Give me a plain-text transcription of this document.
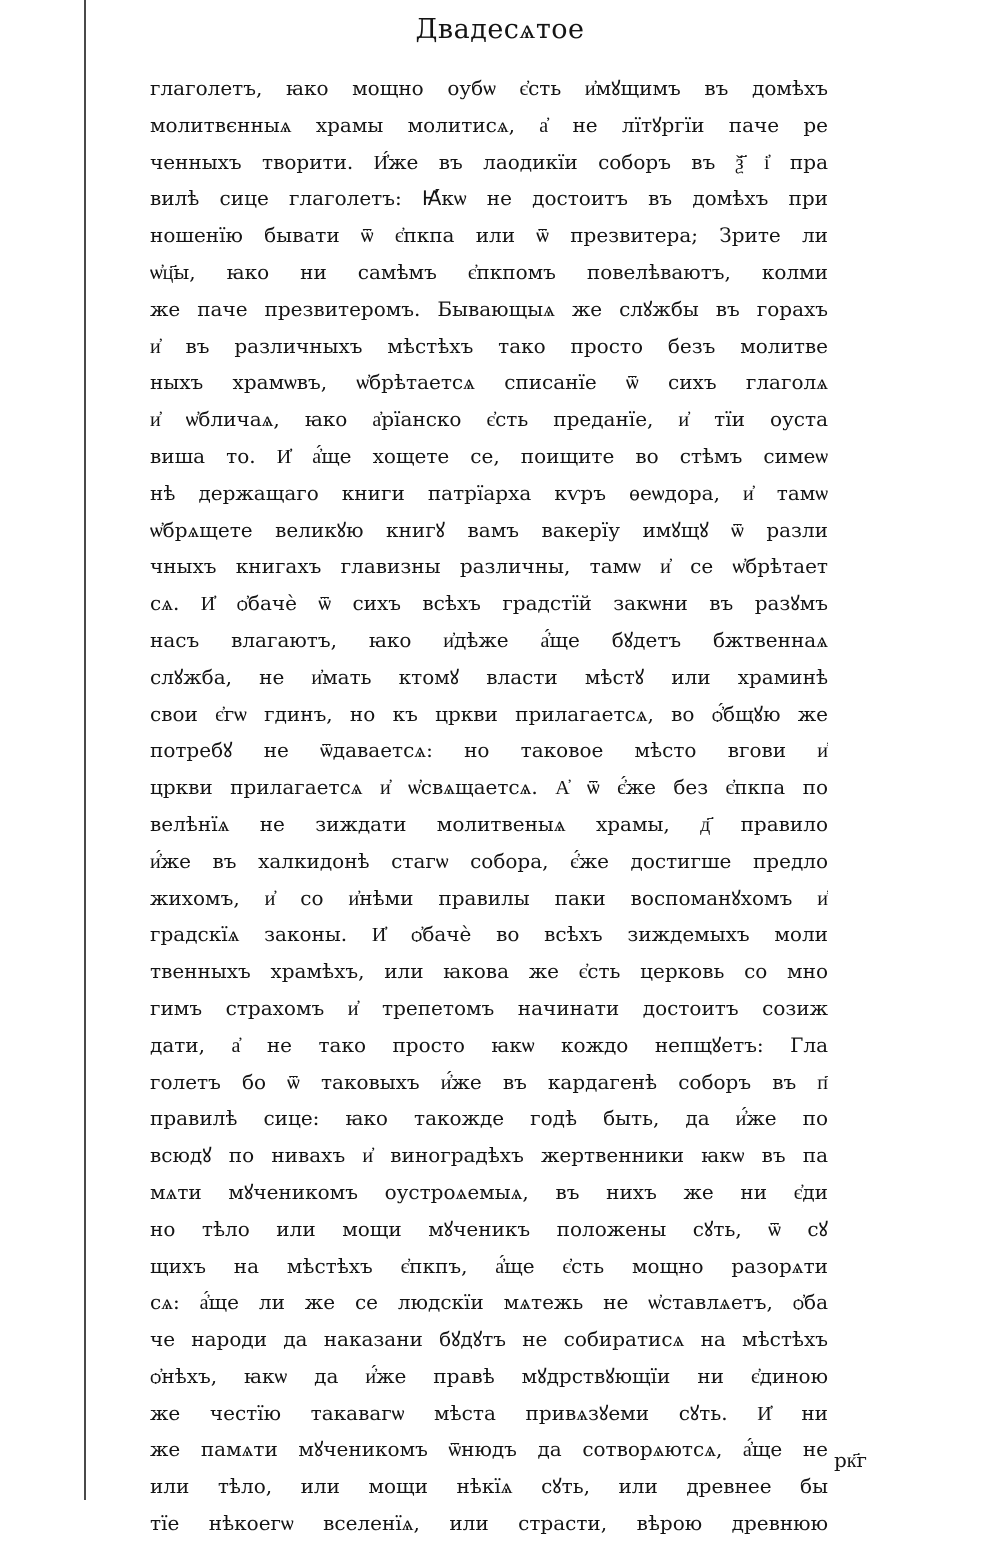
Двадесѧтое
глаголетъ, ꙗко мощно оубѡ є҆сть и҆мꙋщимъ въ домѣхъ
молитвєнныѧ храмы молитисѧ, а҆ не лїтꙋргїи паче ре
ченныхъ творити. И҆́же въ лаодикїи соборъ въ ѯ҃ і҆ пра
вилѣ сице глаголетъ: Ꙗ҆́кѡ не достоитъ въ домѣхъ при
ношенїю бывати ѿ є҆пкпа или ѿ презвитера; Зрите ли
ѡ҆ц҃ы, ꙗко ни самѣмъ є҆пкпомъ повелѣваютъ, колми
же паче презвитеромъ. Бывающыѧ же слꙋжбы въ горахъ
и҆ въ различныхъ мѣстѣхъ тако просто безъ молитве
ныхъ храмѡвъ, ѡ҆брѣтаетсѧ списанїе ѿ сихъ глаголѧ
и҆ ѡ҆бличаѧ, ꙗко а҆рїанско є҆сть преданїе, и҆ тїи оуста
виша то. И҆ а҆́ще хощете се, поищите во стѣмъ симеѡ
нѣ держащаго книги патрїарха кѵръ ѳеѡдора, и҆ тамѡ
ѡ҆брѧщете великꙋю книгꙋ вамъ вакерїу имꙋщꙋ ѿ разли
чныхъ книгахъ главизны различны, тамѡ и҆ се ѡ҆брѣтает
сѧ. И҆ ѻ҆бачѐ ѿ сихъ всѣхъ градстїй закѡни въ разꙋмъ
насъ влагаютъ, ꙗко и҆дѣже а҆́ще бꙋдетъ бжтвеннаѧ
слꙋжба, не и҆мать ктомꙋ власти мѣстꙋ или храминѣ
свои є҆гѡ гдинъ, но къ цркви прилагаетсѧ, во ѻ҆́бщꙋю же
потребꙋ не ѿдаваетсѧ: но таковое мѣсто вгови и҆
цркви прилагаетсѧ и҆ ѡ҆свѧщаетсѧ. А҆ ѿ є҆́же без є҆пкпа по
велѣнїѧ не зиждати молитвеныѧ храмы, д҃ правило
и҆́же въ халкидонѣ стагѡ собора, є҆́же достигше предло
жихомъ, и҆ со и҆нѣми правилы паки воспоманꙋхомъ и҆
градскїѧ законы. И҆ ѻ҆бачѐ во всѣхъ зиждемыхъ моли
твенныхъ храмѣхъ, или ꙗкова же є҆сть церковь со мно
гимъ страхомъ и҆ трепетомъ начинати достоитъ созиж
дати, а҆ не тако просто ꙗкѡ кождо непщꙋетъ: Гла
голетъ бо ѿ таковыхъ и҆́же въ кардагенѣ соборъ въ п҃
правилѣ сице: ꙗко такожде годѣ быть, да и҆́же по
всюдꙋ по нивахъ и҆ виноградѣхъ жертвенники ꙗкѡ въ па
мѧти мꙋченикомъ оустроѧемыѧ, въ нихъ же ни є҆ди
но тѣло или мощи мꙋченикъ положены сꙋть, ѿ сꙋ
щихъ на мѣстѣхъ є҆пкпъ, а҆́ще є҆сть мощно разорѧти
сѧ: а҆́ще ли же се людскїи мѧтежь не ѡ҆ставлѧетъ, ѻ҆ба
че народи да наказани бꙋдꙋтъ не собиратисѧ на мѣстѣхъ
ѻ҆нѣхъ, ꙗкѡ да и҆́же правѣ мꙋдрствꙋющїи ни є҆диною
же честїю такавагѡ мѣста привѧзꙋеми сꙋть. И҆ ни
же памѧти мꙋченикомъ ѿнюдъ да сотворѧютсѧ, а҆́ще не
или тѣло, или мощи нѣкїѧ сꙋть, или древнее бы
тїе нѣкоегѡ вселенїѧ, или страсти, вѣрою древнюю
рк҃г
